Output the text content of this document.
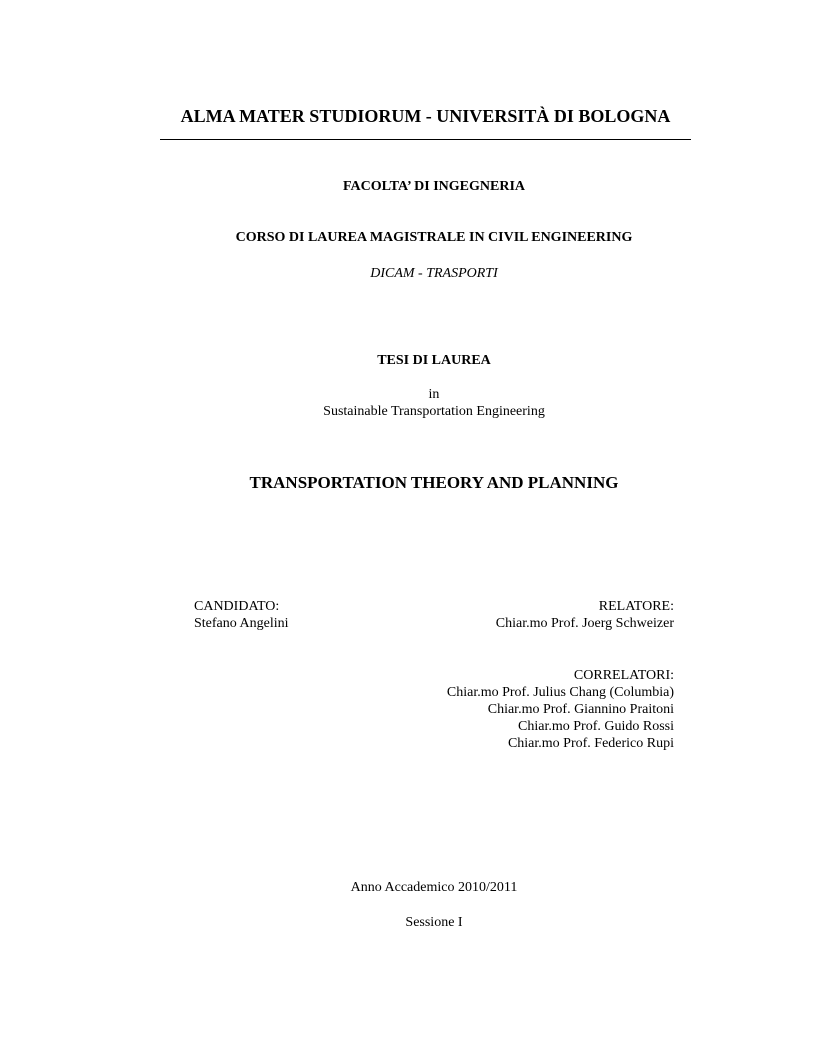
ALMA MATER STUDIORUM - UNIVERSITÀ DI BOLOGNA
FACOLTA’ DI INGEGNERIA
CORSO DI LAUREA MAGISTRALE IN CIVIL ENGINEERING
DICAM - TRASPORTI
TESI DI LAUREA
in
Sustainable Transportation Engineering
TRANSPORTATION THEORY AND PLANNING
CANDIDATO:
Stefano Angelini
RELATORE:
Chiar.mo Prof. Joerg Schweizer
CORRELATORI:
Chiar.mo Prof. Julius Chang (Columbia)
Chiar.mo Prof. Giannino Praitoni
Chiar.mo Prof. Guido Rossi
Chiar.mo Prof. Federico Rupi
Anno Accademico 2010/2011
Sessione I
